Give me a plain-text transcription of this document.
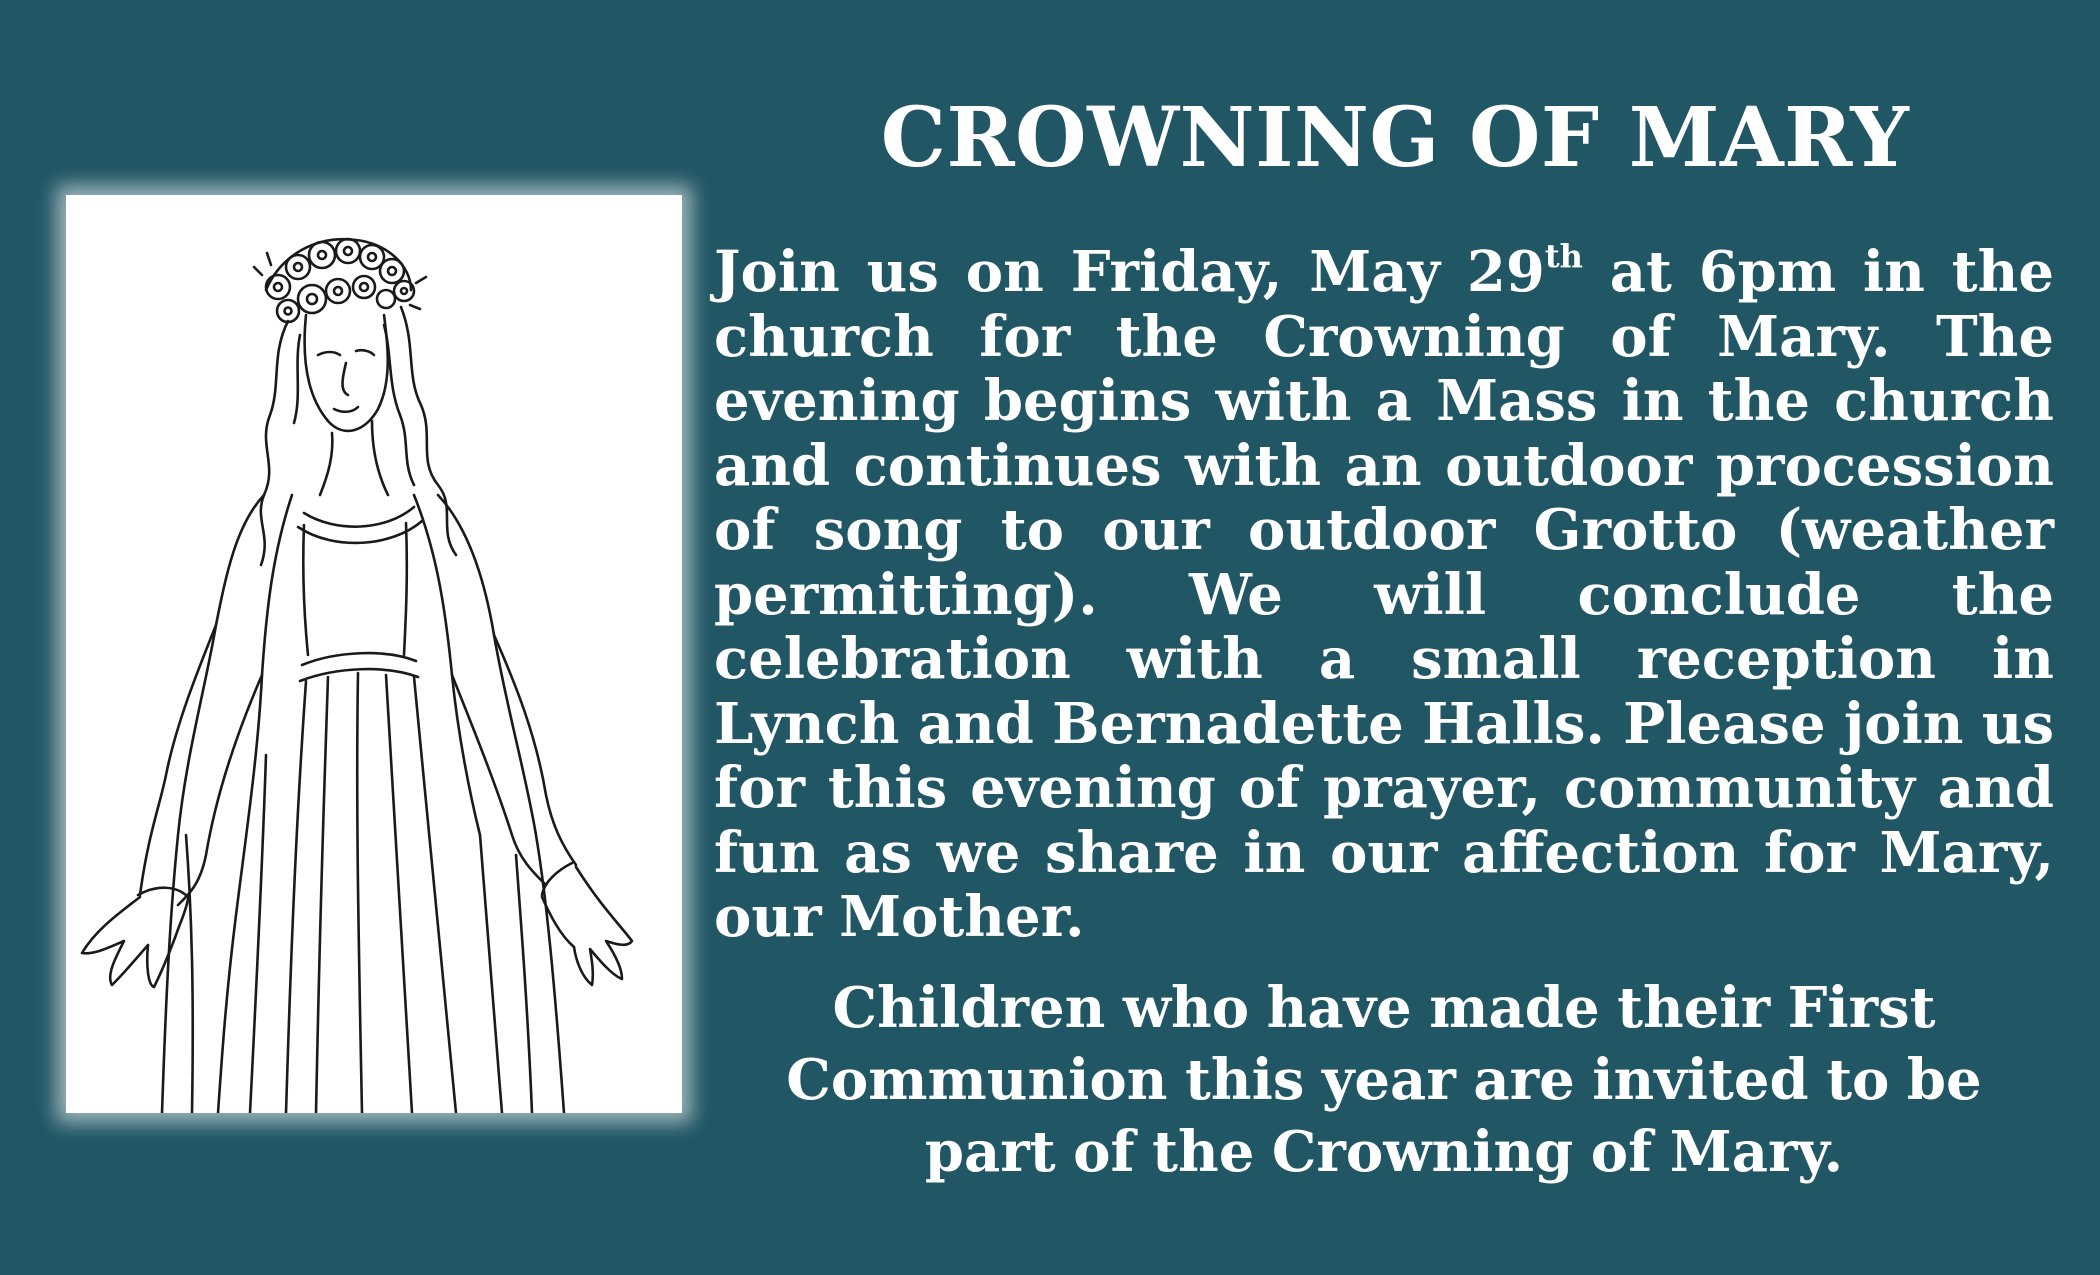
CROWNING OF MARY

Join us on Friday, May 29th at 6pm in the church for the Crowning of Mary. The evening begins with a Mass in the church and continues with an outdoor procession of song to our outdoor Grotto (weather permitting). We will conclude the celebration with a small reception in Lynch and Bernadette Halls. Please join us for this evening of prayer, community and fun as we share in our affection for Mary, our Mother.

Children who have made their First Communion this year are invited to be part of the Crowning of Mary.
